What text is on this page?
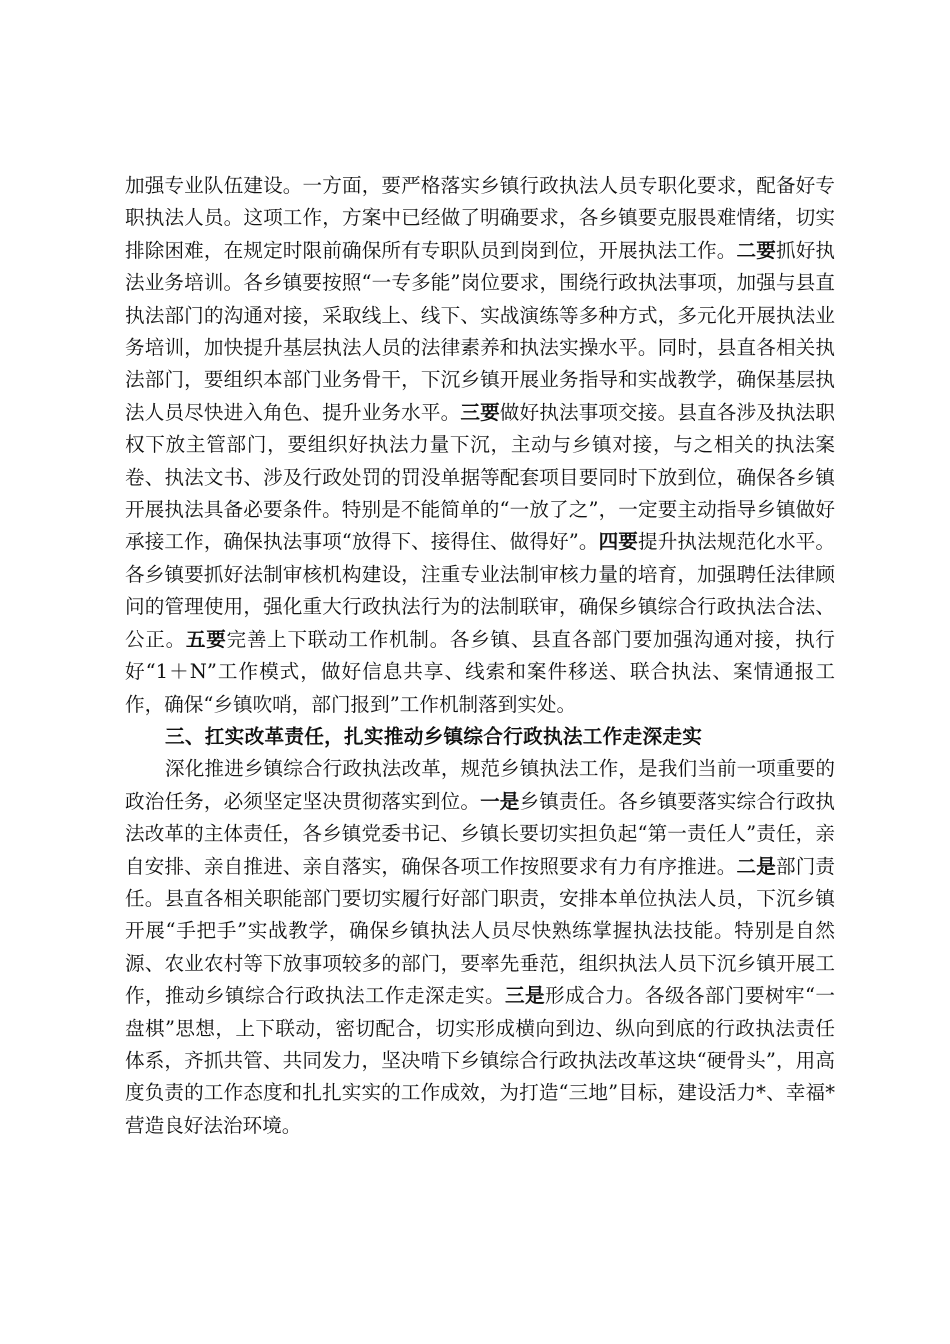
加强专业队伍建设。一方面，要严格落实乡镇行政执法人员专职化要求，配备好专职执法人员。这项工作，方案中已经做了明确要求，各乡镇要克服畏难情绪，切实排除困难，在规定时限前确保所有专职队员到岗到位，开展执法工作。二要抓好执法业务培训。各乡镇要按照“一专多能”岗位要求，围绕行政执法事项，加强与县直执法部门的沟通对接，采取线上、线下、实战演练等多种方式，多元化开展执法业务培训，加快提升基层执法人员的法律素养和执法实操水平。同时，县直各相关执法部门，要组织本部门业务骨干，下沉乡镇开展业务指导和实战教学，确保基层执法人员尽快进入角色、提升业务水平。三要做好执法事项交接。县直各涉及执法职权下放主管部门，要组织好执法力量下沉，主动与乡镇对接，与之相关的执法案卷、执法文书、涉及行政处罚的罚没单据等配套项目要同时下放到位，确保各乡镇开展执法具备必要条件。特别是不能简单的“一放了之”，一定要主动指导乡镇做好承接工作，确保执法事项“放得下、接得住、做得好”。四要提升执法规范化水平。各乡镇要抓好法制审核机构建设，注重专业法制审核力量的培育，加强聘任法律顾问的管理使用，强化重大行政执法行为的法制联审，确保乡镇综合行政执法合法、公正。五要完善上下联动工作机制。各乡镇、县直各部门要加强沟通对接，执行好“1＋N”工作模式，做好信息共享、线索和案件移送、联合执法、案情通报工作，确保“乡镇吹哨，部门报到”工作机制落到实处。

三、扛实改革责任，扎实推动乡镇综合行政执法工作走深走实

深化推进乡镇综合行政执法改革，规范乡镇执法工作，是我们当前一项重要的政治任务，必须坚定坚决贯彻落实到位。一是乡镇责任。各乡镇要落实综合行政执法改革的主体责任，各乡镇党委书记、乡镇长要切实担负起“第一责任人”责任，亲自安排、亲自推进、亲自落实，确保各项工作按照要求有力有序推进。二是部门责任。县直各相关职能部门要切实履行好部门职责，安排本单位执法人员，下沉乡镇开展“手把手”实战教学，确保乡镇执法人员尽快熟练掌握执法技能。特别是自然源、农业农村等下放事项较多的部门，要率先垂范，组织执法人员下沉乡镇开展工作，推动乡镇综合行政执法工作走深走实。三是形成合力。各级各部门要树牢“一盘棋”思想，上下联动，密切配合，切实形成横向到边、纵向到底的行政执法责任体系，齐抓共管、共同发力，坚决啃下乡镇综合行政执法改革这块“硬骨头”，用高度负责的工作态度和扎扎实实的工作成效，为打造“三地”目标，建设活力*、幸福*营造良好法治环境。
